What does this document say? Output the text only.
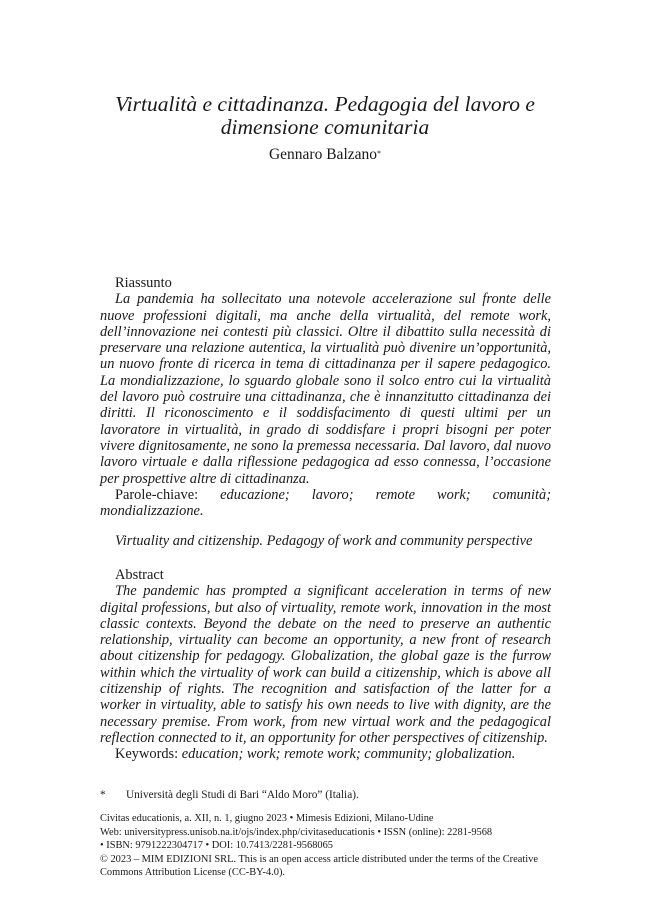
Virtualità e cittadinanza. Pedagogia del lavoro e
dimensione comunitaria
Gennaro Balzano*

Riassunto

La pandemia ha sollecitato una notevole accelerazione sul fronte delle nuove professioni digitali, ma anche della virtualità, del remote work, dell’innovazione nei contesti più classici. Oltre il dibattito sulla necessità di preservare una relazione autentica, la virtualità può divenire un’opportunità, un nuovo fronte di ricerca in tema di cittadinanza per il sapere pedagogico. La mondializzazione, lo sguardo globale sono il solco entro cui la virtualità del lavoro può costruire una cittadinanza, che è innanzitutto cittadinanza dei diritti. Il riconoscimento e il soddisfacimento di questi ultimi per un lavoratore in virtualità, in grado di soddisfare i propri bisogni per poter vivere dignitosamente, ne sono la premessa necessaria. Dal lavoro, dal nuovo lavoro virtuale e dalla riflessione pedagogica ad esso connessa, l’occasione per prospettive altre di cittadinanza.

Parole-chiave: educazione; lavoro; remote work; comunità; mondializzazione.

Virtuality and citizenship. Pedagogy of work and community perspective

Abstract

The pandemic has prompted a significant acceleration in terms of new digital professions, but also of virtuality, remote work, innovation in the most classic contexts. Beyond the debate on the need to preserve an authentic relationship, virtuality can become an opportunity, a new front of research about citizenship for pedagogy. Globalization, the global gaze is the furrow within which the virtuality of work can build a citizenship, which is above all citizenship of rights. The recognition and satisfaction of the latter for a worker in virtuality, able to satisfy his own needs to live with dignity, are the necessary premise. From work, from new virtual work and the pedagogical reflection connected to it, an opportunity for other perspectives of citizenship.

Keywords: education; work; remote work; community; globalization.

* Università degli Studi di Bari “Aldo Moro” (Italia).

Civitas educationis, a. XII, n. 1, giugno 2023 • Mimesis Edizioni, Milano-Udine

Web: universitypress.unisob.na.it/ojs/index.php/civitaseducationis • ISSN (online): 2281-9568

• ISBN: 9791222304717 • DOI: 10.7413/2281-9568065

© 2023 – MIM EDIZIONI SRL. This is an open access article distributed under the terms of the Creative Commons Attribution License (CC-BY-4.0).
